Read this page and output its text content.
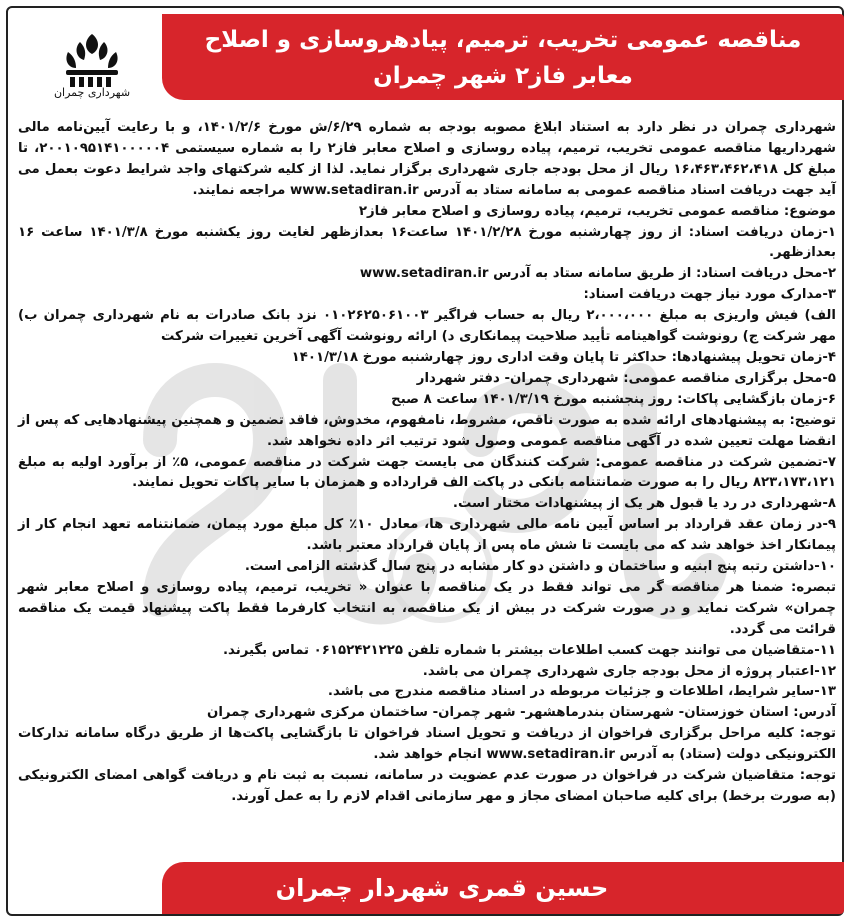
مناقصه عمومی تخریب، ترمیم، پیادهروسازی و اصلاح
معابر فاز۲ شهر چمران
شهرداری چمران

شهرداری چمران در نظر دارد به استناد ابلاغ مصوبه بودجه به شماره ۶/۲۹/ش مورخ ۱۴۰۱/۲/۶، و با رعایت آیین‌نامه مالی شهرداریها مناقصه عمومی تخریب، ترمیم، پیاده روسازی و اصلاح معابر فاز۲ را به شماره سیستمی ۲۰۰۱۰۹۵۱۴۱۰۰۰۰۰۴، تا مبلغ کل ۱۶،۴۶۳،۴۶۲،۴۱۸ ریال از محل بودجه جاری شهرداری برگزار نماید. لذا از کلیه شرکتهای واجد شرایط دعوت بعمل می آید جهت دریافت اسناد مناقصه عمومی به سامانه ستاد به آدرس www.setadiran.ir مراجعه نمایند.

موضوع: مناقصه عمومی تخریب، ترمیم، پیاده روسازی و اصلاح معابر فاز۲

۱-زمان دریافت اسناد: از روز چهارشنبه مورخ ۱۴۰۱/۲/۲۸ ساعت۱۶ بعدازظهر لغایت روز یکشنبه مورخ ۱۴۰۱/۳/۸ ساعت ۱۶ بعدازظهر.

۲-محل دریافت اسناد: از طریق سامانه ستاد به آدرس www.setadiran.ir

۳-مدارک مورد نیاز جهت دریافت اسناد:

الف) فیش واریزی به مبلغ ۲،۰۰۰،۰۰۰ ریال به حساب فراگیر ۰۱۰۲۶۲۵۰۶۱۰۰۳ نزد بانک صادرات به نام شهرداری چمران ب) مهر شرکت ج) رونوشت گواهینامه تأیید صلاحیت پیمانکاری د) ارائه رونوشت آگهی آخرین تغییرات شرکت

۴-زمان تحویل پیشنهادها: حداکثر تا پایان وقت اداری روز چهارشنبه مورخ ۱۴۰۱/۳/۱۸

۵-محل برگزاری مناقصه عمومی: شهرداری چمران- دفتر شهردار

۶-زمان بازگشایی پاکات: روز پنجشنبه مورخ ۱۴۰۱/۳/۱۹ ساعت ۸ صبح

توضیح: به پیشنهادهای ارائه شده به صورت ناقص، مشروط، نامفهوم، مخدوش، فاقد تضمین و همچنین پیشنهادهایی که پس از انقضا مهلت تعیین شده در آگهی مناقصه عمومی وصول شود ترتیب اثر داده نخواهد شد.

۷-تضمین شرکت در مناقصه عمومی: شرکت کنندگان می بایست جهت شرکت در مناقصه عمومی، ۵٪ از برآورد اولیه به مبلغ ۸۲۳،۱۷۳،۱۲۱ ریال را به صورت ضمانتنامه بانکی در پاکت الف قرارداده و همزمان با سایر پاکات تحویل نمایند.

۸-شهرداری در رد یا قبول هر یک از پیشنهادات مختار است.

۹-در زمان عقد قرارداد بر اساس آیین نامه مالی شهرداری ها، معادل ۱۰٪ کل مبلغ مورد پیمان، ضمانتنامه تعهد انجام کار از پیمانکار اخذ خواهد شد که می بایست تا شش ماه پس از پایان قرارداد معتبر باشد.

۱۰-داشتن رتبه پنج ابنیه و ساختمان و داشتن دو کار مشابه در پنج سال گذشته الزامی است.

تبصره: ضمنا هر مناقصه گر می تواند فقط در یک مناقصه با عنوان « تخریب، ترمیم، پیاده روسازی و اصلاح معابر شهر چمران» شرکت نماید و در صورت شرکت در بیش از یک مناقصه، به انتخاب کارفرما فقط پاکت پیشنهاد قیمت یک مناقصه قرائت می گردد.

۱۱-متقاضیان می توانند جهت کسب اطلاعات بیشتر با شماره تلفن ۰۶۱۵۲۴۲۱۲۲۵ تماس بگیرند.

۱۲-اعتبار پروژه از محل بودجه جاری شهرداری چمران می باشد.

۱۳-سایر شرایط، اطلاعات و جزئیات مربوطه در اسناد مناقصه مندرج می باشد.

آدرس: استان خوزستان- شهرستان بندرماهشهر- شهر چمران- ساختمان مرکزی شهرداری چمران

توجه: کلیه مراحل برگزاری فراخوان از دریافت و تحویل اسناد فراخوان تا بازگشایی پاکت‌ها از طریق درگاه سامانه تدارکات الکترونیکی دولت (ستاد) به آدرس www.setadiran.ir انجام خواهد شد.

توجه: متقاضیان شرکت در فراخوان در صورت عدم عضویت در سامانه، نسبت به ثبت نام و دریافت گواهی امضای الکترونیکی (به صورت برخط) برای کلیه صاحبان امضای مجاز و مهر سازمانی اقدام لازم را به عمل آورند.

حسین قمری شهردار چمران
